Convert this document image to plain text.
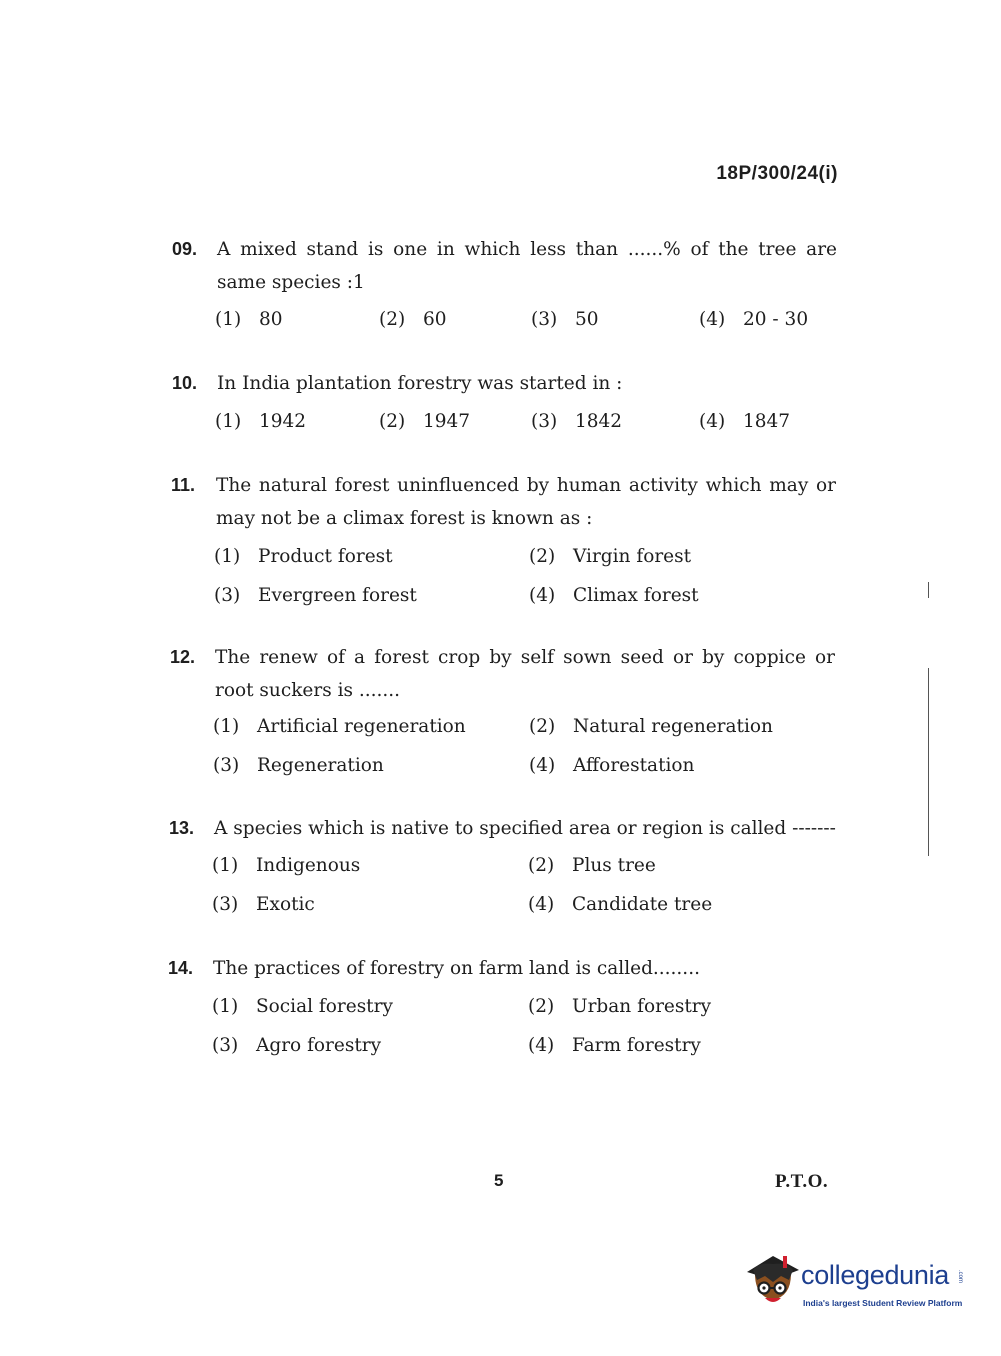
18P/300/24(i)
09. A mixed stand is one in which less than ......% of the tree are same species :1
(1) 80	(2) 60	(3) 50	(4) 20 - 30
10. In India plantation forestry was started in :
(1) 1942	(2) 1947	(3) 1842	(4) 1847
11. The natural forest uninfluenced by human activity which may or may not be a climax forest is known as :
(1) Product forest	(2) Virgin forest
(3) Evergreen forest	(4) Climax forest
12. The renew of a forest crop by self sown seed or by coppice or root suckers is .......
(1) Artificial regeneration	(2) Natural regeneration
(3) Regeneration	(4) Afforestation
13. A species which is native to specified area or region is called -------
(1) Indigenous	(2) Plus tree
(3) Exotic	(4) Candidate tree
14. The practices of forestry on farm land is called........
(1) Social forestry	(2) Urban forestry
(3) Agro forestry	(4) Farm forestry
5	P.T.O.
collegedunia .com
India's largest Student Review Platform
